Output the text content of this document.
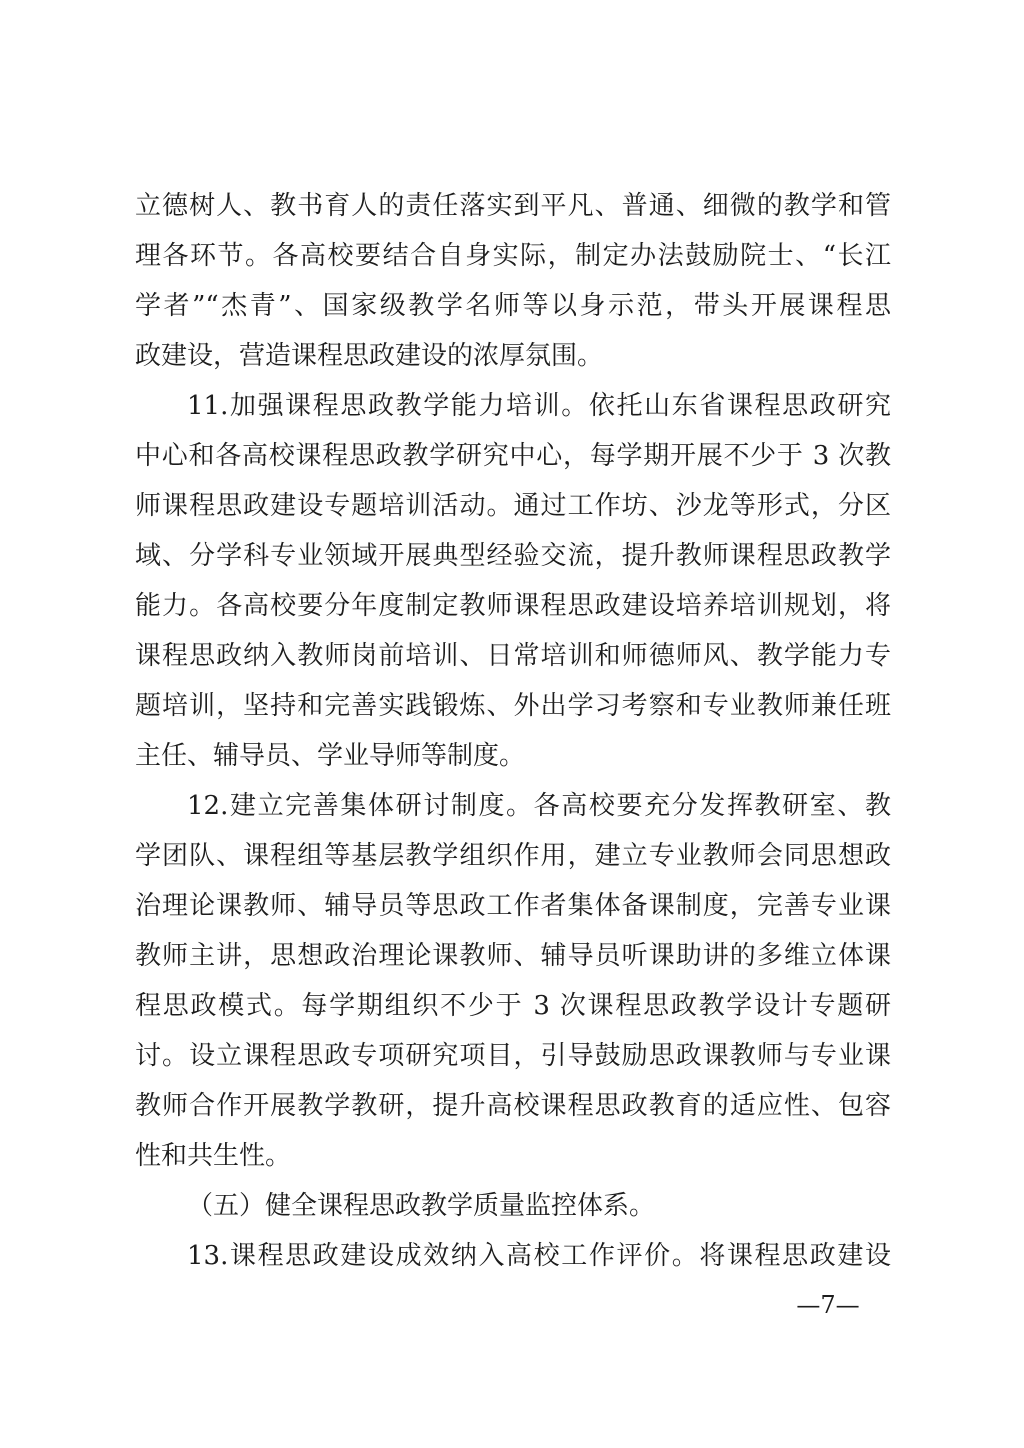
立德树人、教书育人的责任落实到平凡、普通、细微的教学和管
理各环节。各高校要结合自身实际，制定办法鼓励院士、“长江
学者”“杰青”、国家级教学名师等以身示范，带头开展课程思
政建设，营造课程思政建设的浓厚氛围。
11.加强课程思政教学能力培训。依托山东省课程思政研究
中心和各高校课程思政教学研究中心，每学期开展不少于 3 次教
师课程思政建设专题培训活动。通过工作坊、沙龙等形式，分区
域、分学科专业领域开展典型经验交流，提升教师课程思政教学
能力。各高校要分年度制定教师课程思政建设培养培训规划，将
课程思政纳入教师岗前培训、日常培训和师德师风、教学能力专
题培训，坚持和完善实践锻炼、外出学习考察和专业教师兼任班
主任、辅导员、学业导师等制度。
12.建立完善集体研讨制度。各高校要充分发挥教研室、教
学团队、课程组等基层教学组织作用，建立专业教师会同思想政
治理论课教师、辅导员等思政工作者集体备课制度，完善专业课
教师主讲，思想政治理论课教师、辅导员听课助讲的多维立体课
程思政模式。每学期组织不少于 3 次课程思政教学设计专题研
讨。设立课程思政专项研究项目，引导鼓励思政课教师与专业课
教师合作开展教学教研，提升高校课程思政教育的适应性、包容
性和共生性。
（五）健全课程思政教学质量监控体系。
13.课程思政建设成效纳入高校工作评价。将课程思政建设
—7—
